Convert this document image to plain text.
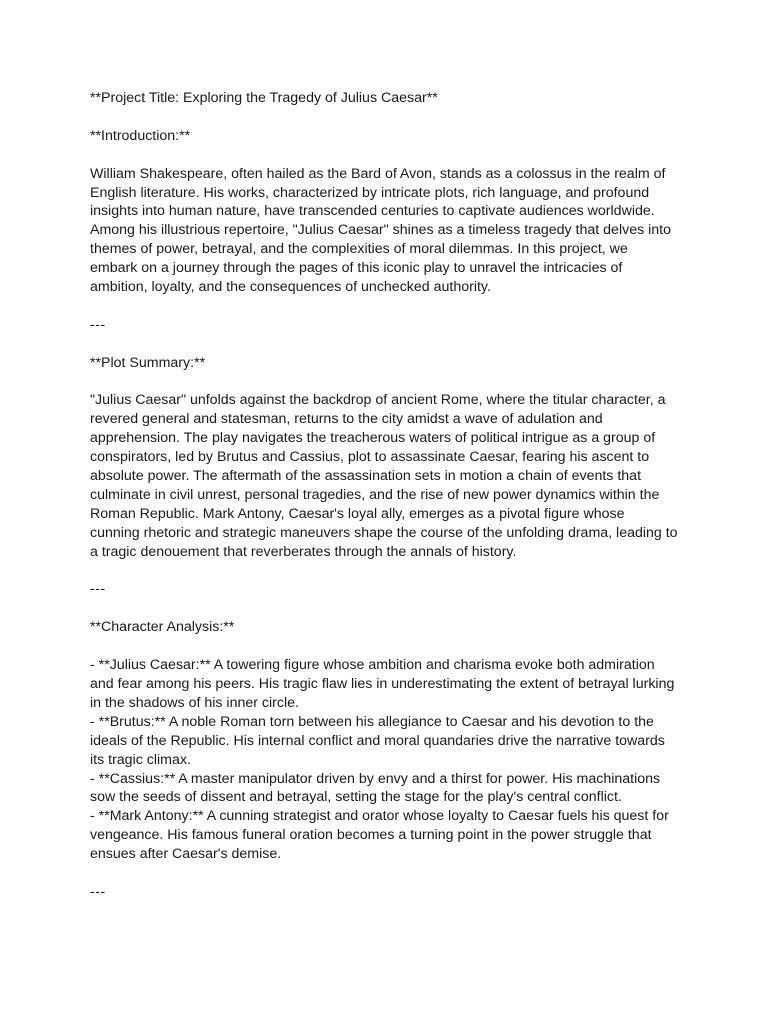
**Project Title: Exploring the Tragedy of Julius Caesar**

**Introduction:**

William Shakespeare, often hailed as the Bard of Avon, stands as a colossus in the realm of English literature. His works, characterized by intricate plots, rich language, and profound insights into human nature, have transcended centuries to captivate audiences worldwide. Among his illustrious repertoire, "Julius Caesar" shines as a timeless tragedy that delves into themes of power, betrayal, and the complexities of moral dilemmas. In this project, we embark on a journey through the pages of this iconic play to unravel the intricacies of ambition, loyalty, and the consequences of unchecked authority.

---

**Plot Summary:**

"Julius Caesar" unfolds against the backdrop of ancient Rome, where the titular character, a revered general and statesman, returns to the city amidst a wave of adulation and apprehension. The play navigates the treacherous waters of political intrigue as a group of conspirators, led by Brutus and Cassius, plot to assassinate Caesar, fearing his ascent to absolute power. The aftermath of the assassination sets in motion a chain of events that culminate in civil unrest, personal tragedies, and the rise of new power dynamics within the Roman Republic. Mark Antony, Caesar's loyal ally, emerges as a pivotal figure whose cunning rhetoric and strategic maneuvers shape the course of the unfolding drama, leading to a tragic denouement that reverberates through the annals of history.

---

**Character Analysis:**

- **Julius Caesar:** A towering figure whose ambition and charisma evoke both admiration and fear among his peers. His tragic flaw lies in underestimating the extent of betrayal lurking in the shadows of his inner circle.
- **Brutus:** A noble Roman torn between his allegiance to Caesar and his devotion to the ideals of the Republic. His internal conflict and moral quandaries drive the narrative towards its tragic climax.
- **Cassius:** A master manipulator driven by envy and a thirst for power. His machinations sow the seeds of dissent and betrayal, setting the stage for the play's central conflict.
- **Mark Antony:** A cunning strategist and orator whose loyalty to Caesar fuels his quest for vengeance. His famous funeral oration becomes a turning point in the power struggle that ensues after Caesar's demise.

---
